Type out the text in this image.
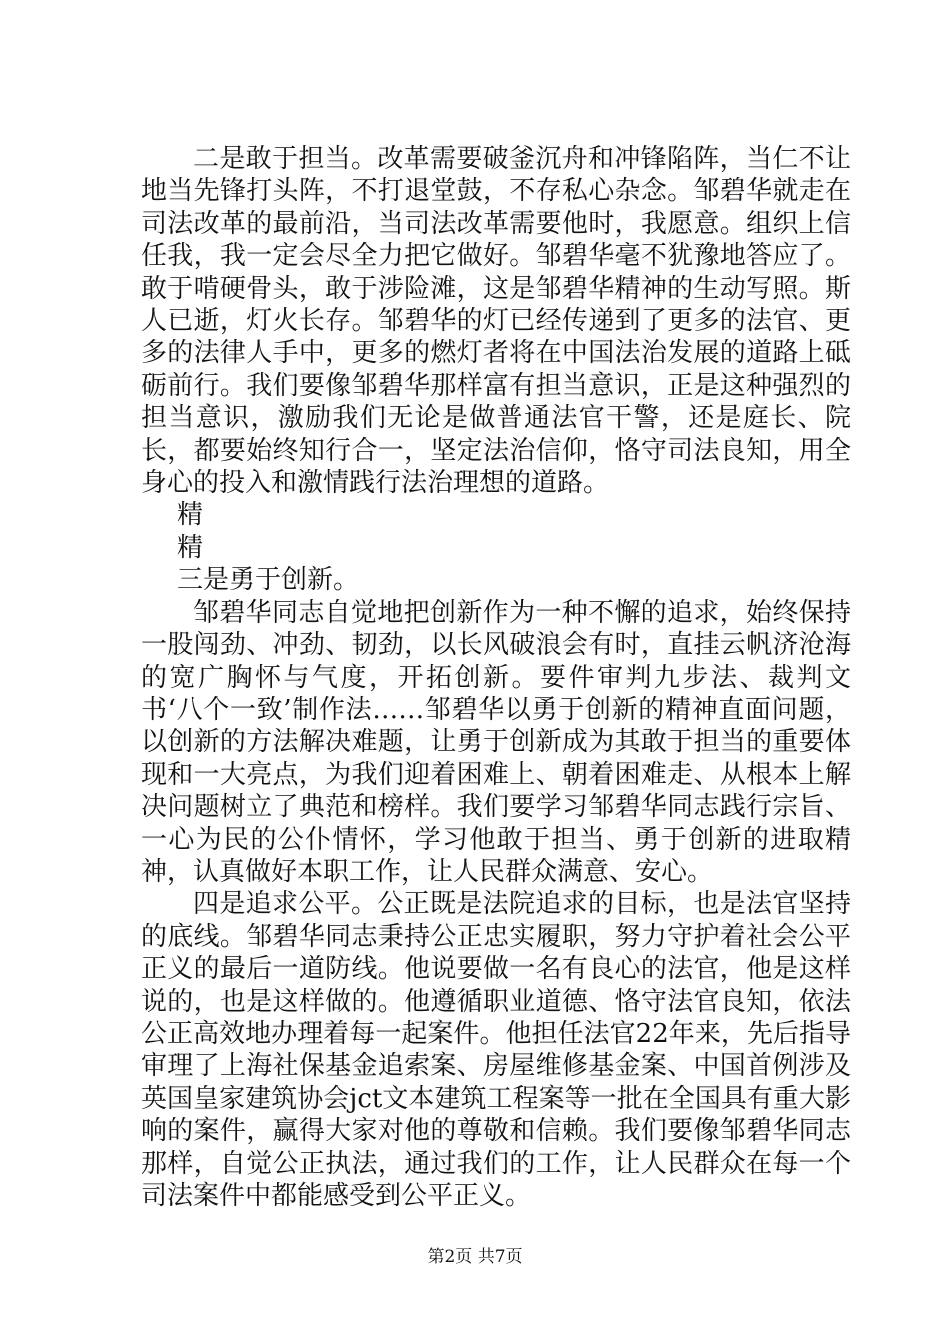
二是敢于担当。改革需要破釜沉舟和冲锋陷阵，当仁不让地当先锋打头阵，不打退堂鼓，不存私心杂念。邹碧华就走在司法改革的最前沿，当司法改革需要他时，我愿意。组织上信任我，我一定会尽全力把它做好。邹碧华毫不犹豫地答应了。敢于啃硬骨头，敢于涉险滩，这是邹碧华精神的生动写照。斯人已逝，灯火长存。邹碧华的灯已经传递到了更多的法官、更多的法律人手中，更多的燃灯者将在中国法治发展的道路上砥砺前行。我们要像邹碧华那样富有担当意识，正是这种强烈的担当意识，激励我们无论是做普通法官干警，还是庭长、院长，都要始终知行合一，坚定法治信仰，恪守司法良知，用全身心的投入和激情践行法治理想的道路。

精

精

三是勇于创新。

邹碧华同志自觉地把创新作为一种不懈的追求，始终保持一股闯劲、冲劲、韧劲，以长风破浪会有时，直挂云帆济沧海的宽广胸怀与气度，开拓创新。要件审判九步法、裁判文书‘八个一致’制作法……邹碧华以勇于创新的精神直面问题，以创新的方法解决难题，让勇于创新成为其敢于担当的重要体现和一大亮点，为我们迎着困难上、朝着困难走、从根本上解决问题树立了典范和榜样。我们要学习邹碧华同志践行宗旨、一心为民的公仆情怀，学习他敢于担当、勇于创新的进取精神，认真做好本职工作，让人民群众满意、安心。

四是追求公平。公正既是法院追求的目标，也是法官坚持的底线。邹碧华同志秉持公正忠实履职，努力守护着社会公平正义的最后一道防线。他说要做一名有良心的法官，他是这样说的，也是这样做的。他遵循职业道德、恪守法官良知，依法公正高效地办理着每一起案件。他担任法官22年来，先后指导审理了上海社保基金追索案、房屋维修基金案、中国首例涉及英国皇家建筑协会jct文本建筑工程案等一批在全国具有重大影响的案件，赢得大家对他的尊敬和信赖。我们要像邹碧华同志那样，自觉公正执法，通过我们的工作，让人民群众在每一个司法案件中都能感受到公平正义。

第2页 共7页
